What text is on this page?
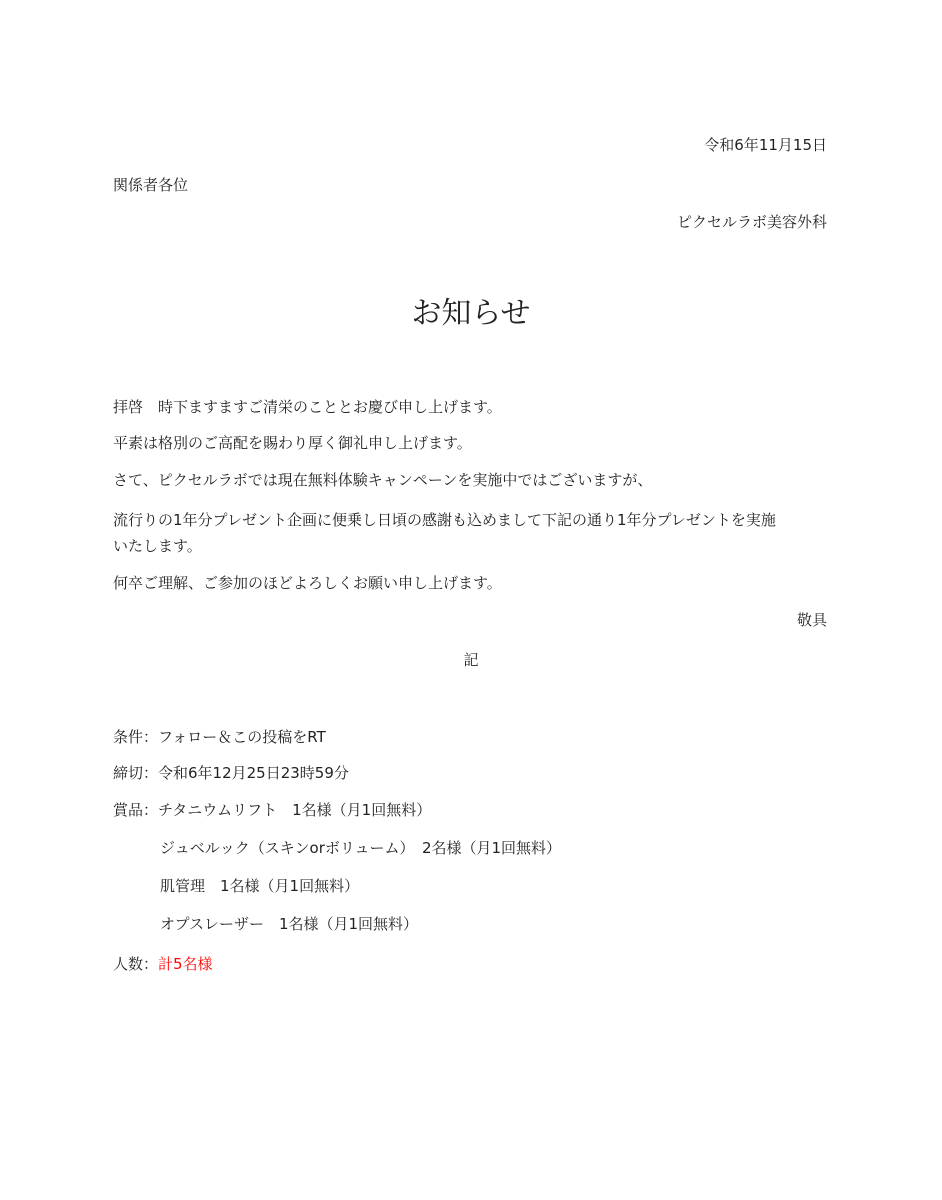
令和6年11月15日
関係者各位
ピクセルラボ美容外科
お知らせ
拝啓　時下ますますご清栄のこととお慶び申し上げます。
平素は格別のご高配を賜わり厚く御礼申し上げます。
さて、ピクセルラボでは現在無料体験キャンペーンを実施中ではございますが、
流行りの1年分プレゼント企画に便乗し日頃の感謝も込めまして下記の通り1年分プレゼントを実施
いたします。
何卒ご理解、ご参加のほどよろしくお願い申し上げます。
敬具
記
条件：フォロー＆この投稿をRT
締切：令和6年12月25日23時59分
賞品：チタニウムリフト　1名様（月1回無料）
ジュベルック（スキンorボリューム）　2名様（月1回無料）
肌管理　1名様（月1回無料）
オプスレーザー　1名様（月1回無料）
人数：計5名様
